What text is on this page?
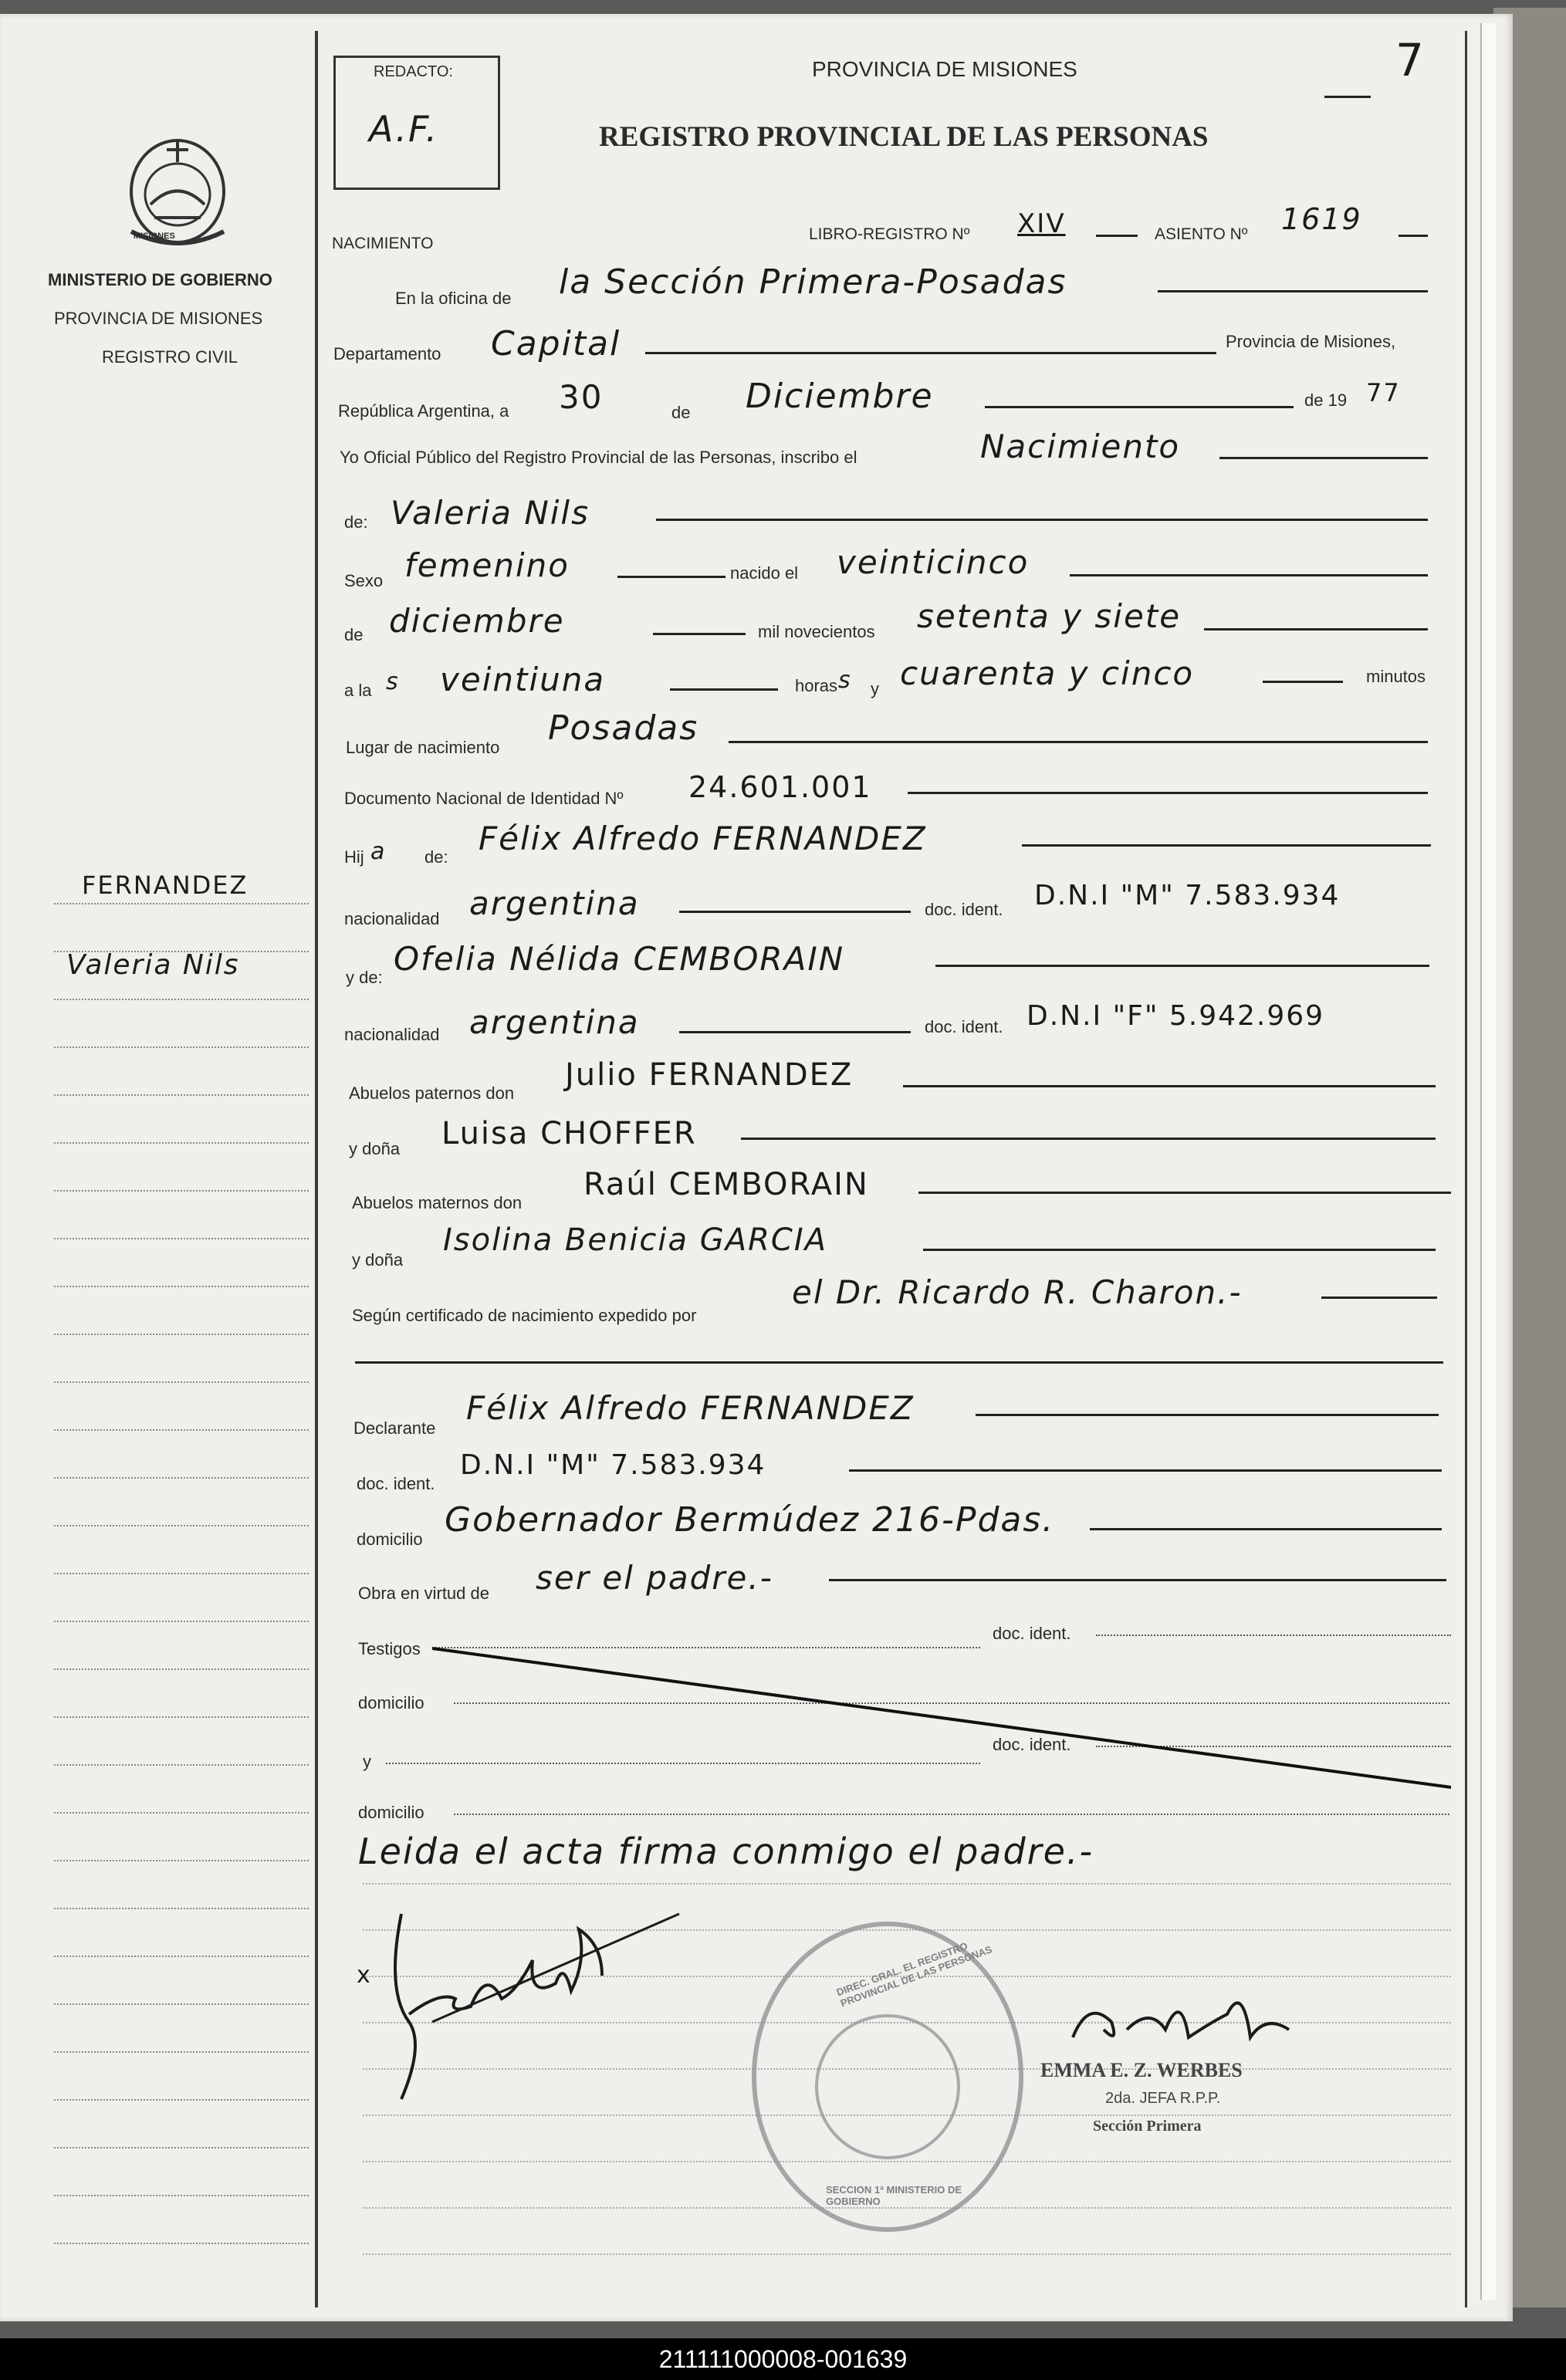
MISIONES
MINISTERIO DE GOBIERNO
PROVINCIA DE MISIONES
REGISTRO CIVIL
FERNANDEZ
Valeria Nils
REDACTO:
A.F.
PROVINCIA DE MISIONES
REGISTRO PROVINCIAL DE LAS PERSONAS
7
NACIMIENTO
LIBRO-REGISTRO Nº XIV	ASIENTO Nº 1619
En la oficina de la Sección Primera-Posadas
Departamento Capital	Provincia de Misiones,
República Argentina, a 30	de Diciembre	de 19 77
Yo Oficial Público del Registro Provincial de las Personas, inscribo el	Nacimiento
de: Valeria Nils
Sexo femenino	nacido el veinticinco
de diciembre	mil novecientos setenta y siete
a la s veintiuna	horas s y cuarenta y cinco	minutos
Lugar de nacimiento Posadas
Documento Nacional de Identidad Nº 24.601.001
Hij a de: Félix Alfredo FERNANDEZ
nacionalidad argentina	doc. ident. D.N.I "M" 7.583.934
y de: Ofelia Nélida CEMBORAIN
nacionalidad argentina	doc. ident. D.N.I "F" 5.942.969
Abuelos paternos don
Julio FERNANDEZ
y doña Luisa CHOFFER
Abuelos maternos don
Raúl CEMBORAIN
y doña
Isolina Benicia GARCIA
Según certificado de nacimiento expedido por
el Dr. Ricardo R. Charon.-
Declarante
Félix Alfredo FERNANDEZ
doc. ident.
D.N.I "M" 7.583.934
domicilio Gobernador Bermúdez 216-Pdas.
Obra en virtud de ser el padre.-
Testigos
doc. ident.
domicilio
y
doc. ident.
domicilio
Leida el acta firma conmigo el padre.-
x	DIREC. GRAL. EL REGISTRO PROVINCIAL DE LAS PERSONAS
SECCION 1ª MINISTERIO DE GOBIERNO
EMMA E. Z. WERBES
2da. JEFA R.P.P.
Sección Primera
211111000008-001639
